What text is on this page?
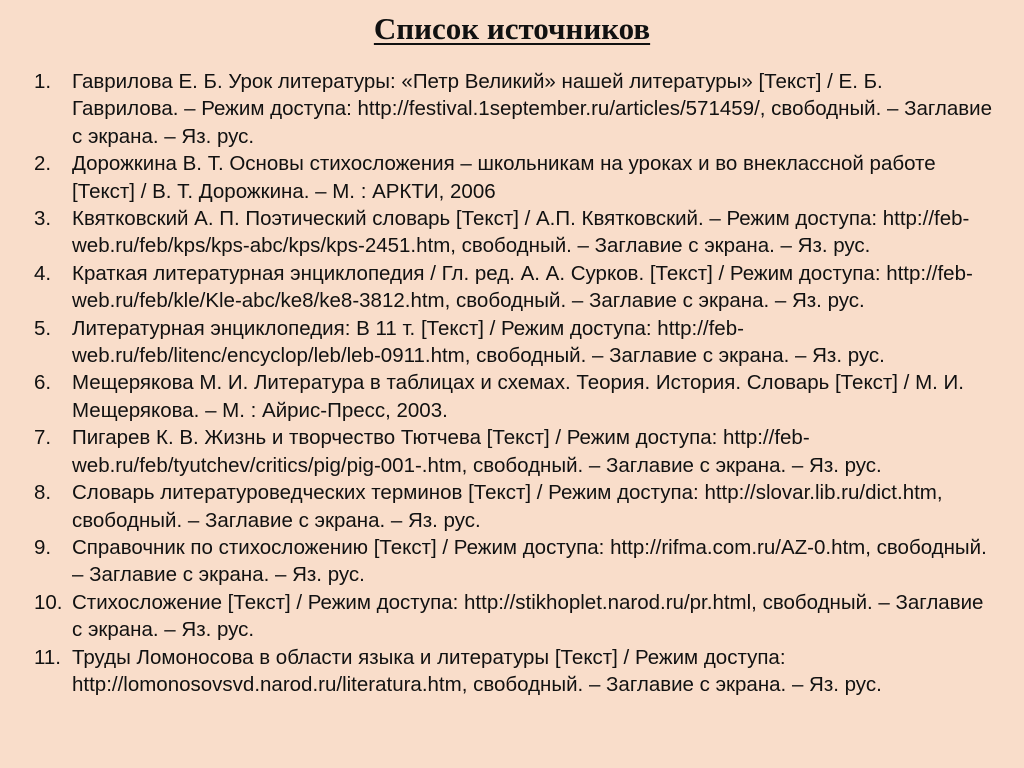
Список источников
1.	Гаврилова Е. Б. Урок литературы: «Петр Великий» нашей литературы» [Текст] / Е. Б. Гаврилова. – Режим доступа: http://festival.1september.ru/articles/571459/, свободный. – Заглавие с экрана. – Яз. рус.
2.	Дорожкина В. Т. Основы стихосложения – школьникам на уроках и во внеклассной работе [Текст] / В. Т. Дорожкина. – М. : АРКТИ, 2006
3.	Квятковский А. П. Поэтический словарь [Текст] / А.П. Квятковский. – Режим доступа: http://feb-web.ru/feb/kps/kps-abc/kps/kps-2451.htm, свободный. – Заглавие с экрана. – Яз. рус.
4.	Краткая литературная энциклопедия / Гл. ред. А. А. Сурков. [Текст] / Режим доступа: http://feb-web.ru/feb/kle/Kle-abc/ke8/ke8-3812.htm, свободный. – Заглавие с экрана. – Яз. рус.
5.	Литературная энциклопедия: В 11 т. [Текст] / Режим доступа: http://feb-web.ru/feb/litenc/encyclop/leb/leb-0911.htm, свободный. – Заглавие с экрана. – Яз. рус.
6.	Мещерякова М. И. Литература в таблицах и схемах. Теория. История. Словарь [Текст] / М. И. Мещерякова. – М. : Айрис-Пресс, 2003.
7.	Пигарев К. В. Жизнь и творчество Тютчева [Текст] / Режим доступа: http://feb-web.ru/feb/tyutchev/critics/pig/pig-001-.htm, свободный. – Заглавие с экрана. – Яз. рус.
8.	Словарь литературоведческих терминов [Текст] / Режим доступа: http://slovar.lib.ru/dict.htm, свободный. – Заглавие с экрана. – Яз. рус.
9.	Справочник по стихосложению [Текст] / Режим доступа: http://rifma.com.ru/AZ-0.htm, свободный. – Заглавие с экрана. – Яз. рус.
10. Стихосложение [Текст] / Режим доступа: http://stikhoplet.narod.ru/pr.html, свободный. – Заглавие с экрана. – Яз. рус.
11. Труды Ломоносова в области языка и литературы [Текст] / Режим доступа: http://lomonosovsvd.narod.ru/literatura.htm, свободный. – Заглавие с экрана. – Яз. рус.
